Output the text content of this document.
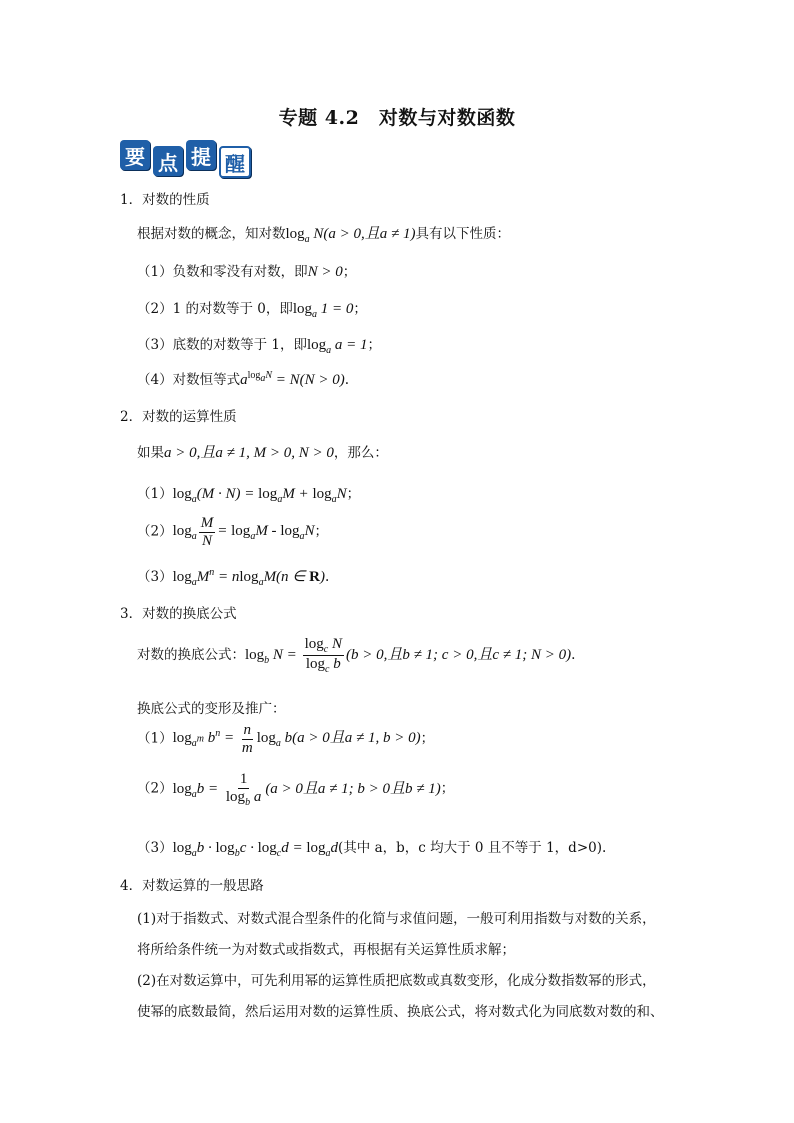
专题 4.2　对数与对数函数
要 点 提 醒
1．对数的性质
根据对数的概念，知对数$\log_a N(a > 0$,且a ≠ 1)具有以下性质：
（1）负数和零没有对数，即N > 0；
（2）1 的对数等于 0，即$\log_a 1 = 0$；
（3）底数的对数等于 1，即$\log_a a = 1$；
（4）对数恒等式$a^{log_aN} = N(N > 0)$.
2．对数的运算性质
如果a > 0,且a ≠ 1, M > 0, N > 0，那么：
$(1)\log_a(M \cdot N) = \log_aM + \log_aN$；
$(2)\log_a \frac{M}{N} = \log_aM - \log_aN$；
$(3)\log_aM^n = nlog_aM(n$ ∈ R).
3．对数的换底公式
对数的换底公式：$\log_b N = \frac{\log_c N}{\log_c b} (b > 0$,且b ≠ 1; c > 0,且c ≠ 1; N > 0).
换底公式的变形及推广：
$(1)\log_{a^m}$ $b^n = \frac{n}{m} \log_a b(a > 0$且a ≠ 1, b > 0)；
$(2)\log_ab = \frac{1}{\log_b a} (a > 0$且a ≠ 1; b > 0且b ≠ 1)；
$(3)\log_ab \cdot \log_bc \cdot \log_cd = \log_ad$(其中 a，b，c 均大于 0 且不等于 1，d>0).
4．对数运算的一般思路
(1)对于指数式、对数式混合型条件的化简与求值问题，一般可利用指数与对数的关系，
将所给条件统一为对数式或指数式，再根据有关运算性质求解；
(2)在对数运算中，可先利用幂的运算性质把底数或真数变形，化成分数指数幂的形式，
使幂的底数最简，然后运用对数的运算性质、换底公式，将对数式化为同底数对数的和、
